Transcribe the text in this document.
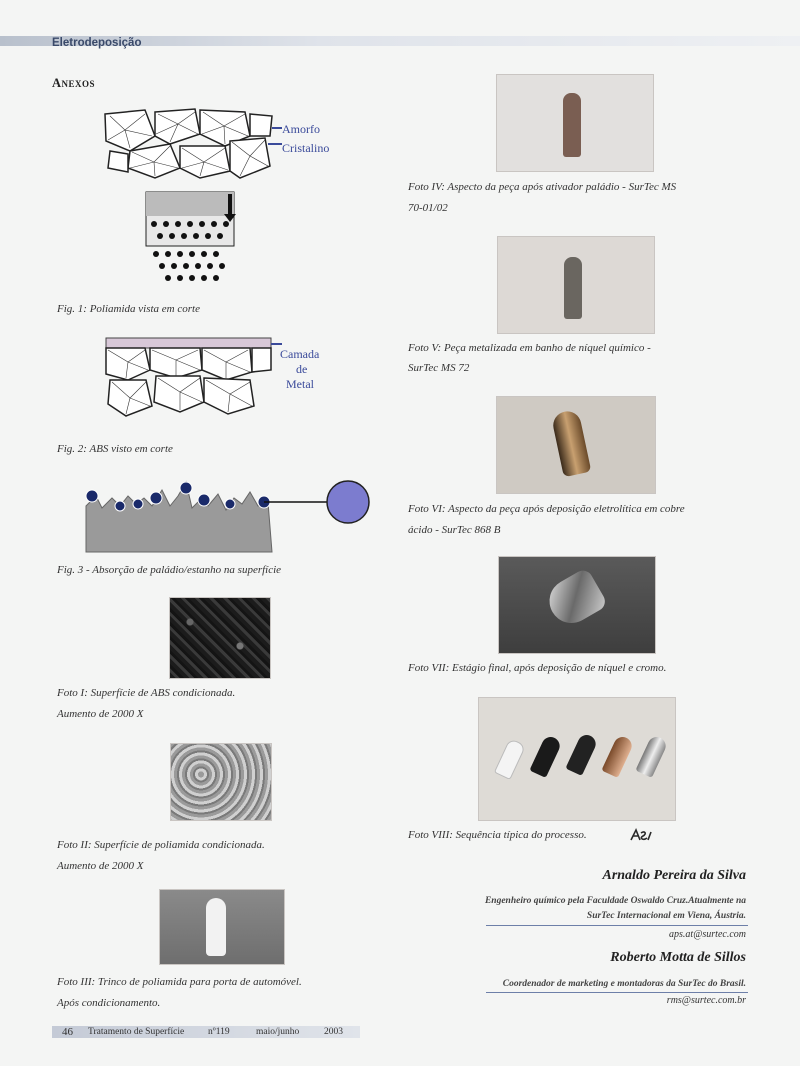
Eletrodeposição
Anexos
Amorfo
Cristalino
Fig. 1: Poliamida vista em corte
Camada
de
Metal
Fig. 2: ABS visto em corte
Fig. 3 - Absorção de paládio/estanho na superfície
Foto I: Superfície de ABS condicionada.
Aumento de 2000 X
Foto II: Superfície de poliamida condicionada.
Aumento de 2000 X
Foto III: Trinco de poliamida para porta de automóvel.
Após condicionamento.
Foto IV: Aspecto da peça após ativador paládio - SurTec MS
70-01/02
Foto V: Peça metalizada em banho de níquel químico -
SurTec MS 72
Foto VI: Aspecto da peça após deposição eletrolítica em cobre
ácido - SurTec 868 B
Foto VII: Estágio final, após deposição de níquel e cromo.
Foto VIII: Sequência típica do processo.
Arnaldo Pereira da Silva
Engenheiro químico pela Faculdade Oswaldo Cruz.Atualmente na
SurTec Internacional em Viena, Áustria.
aps.at@surtec.com
Roberto Motta de Sillos
Coordenador de marketing e montadoras da SurTec do Brasil.
rms@surtec.com.br
46 Tratamento de Superfície	nº119	maio/junho	2003
